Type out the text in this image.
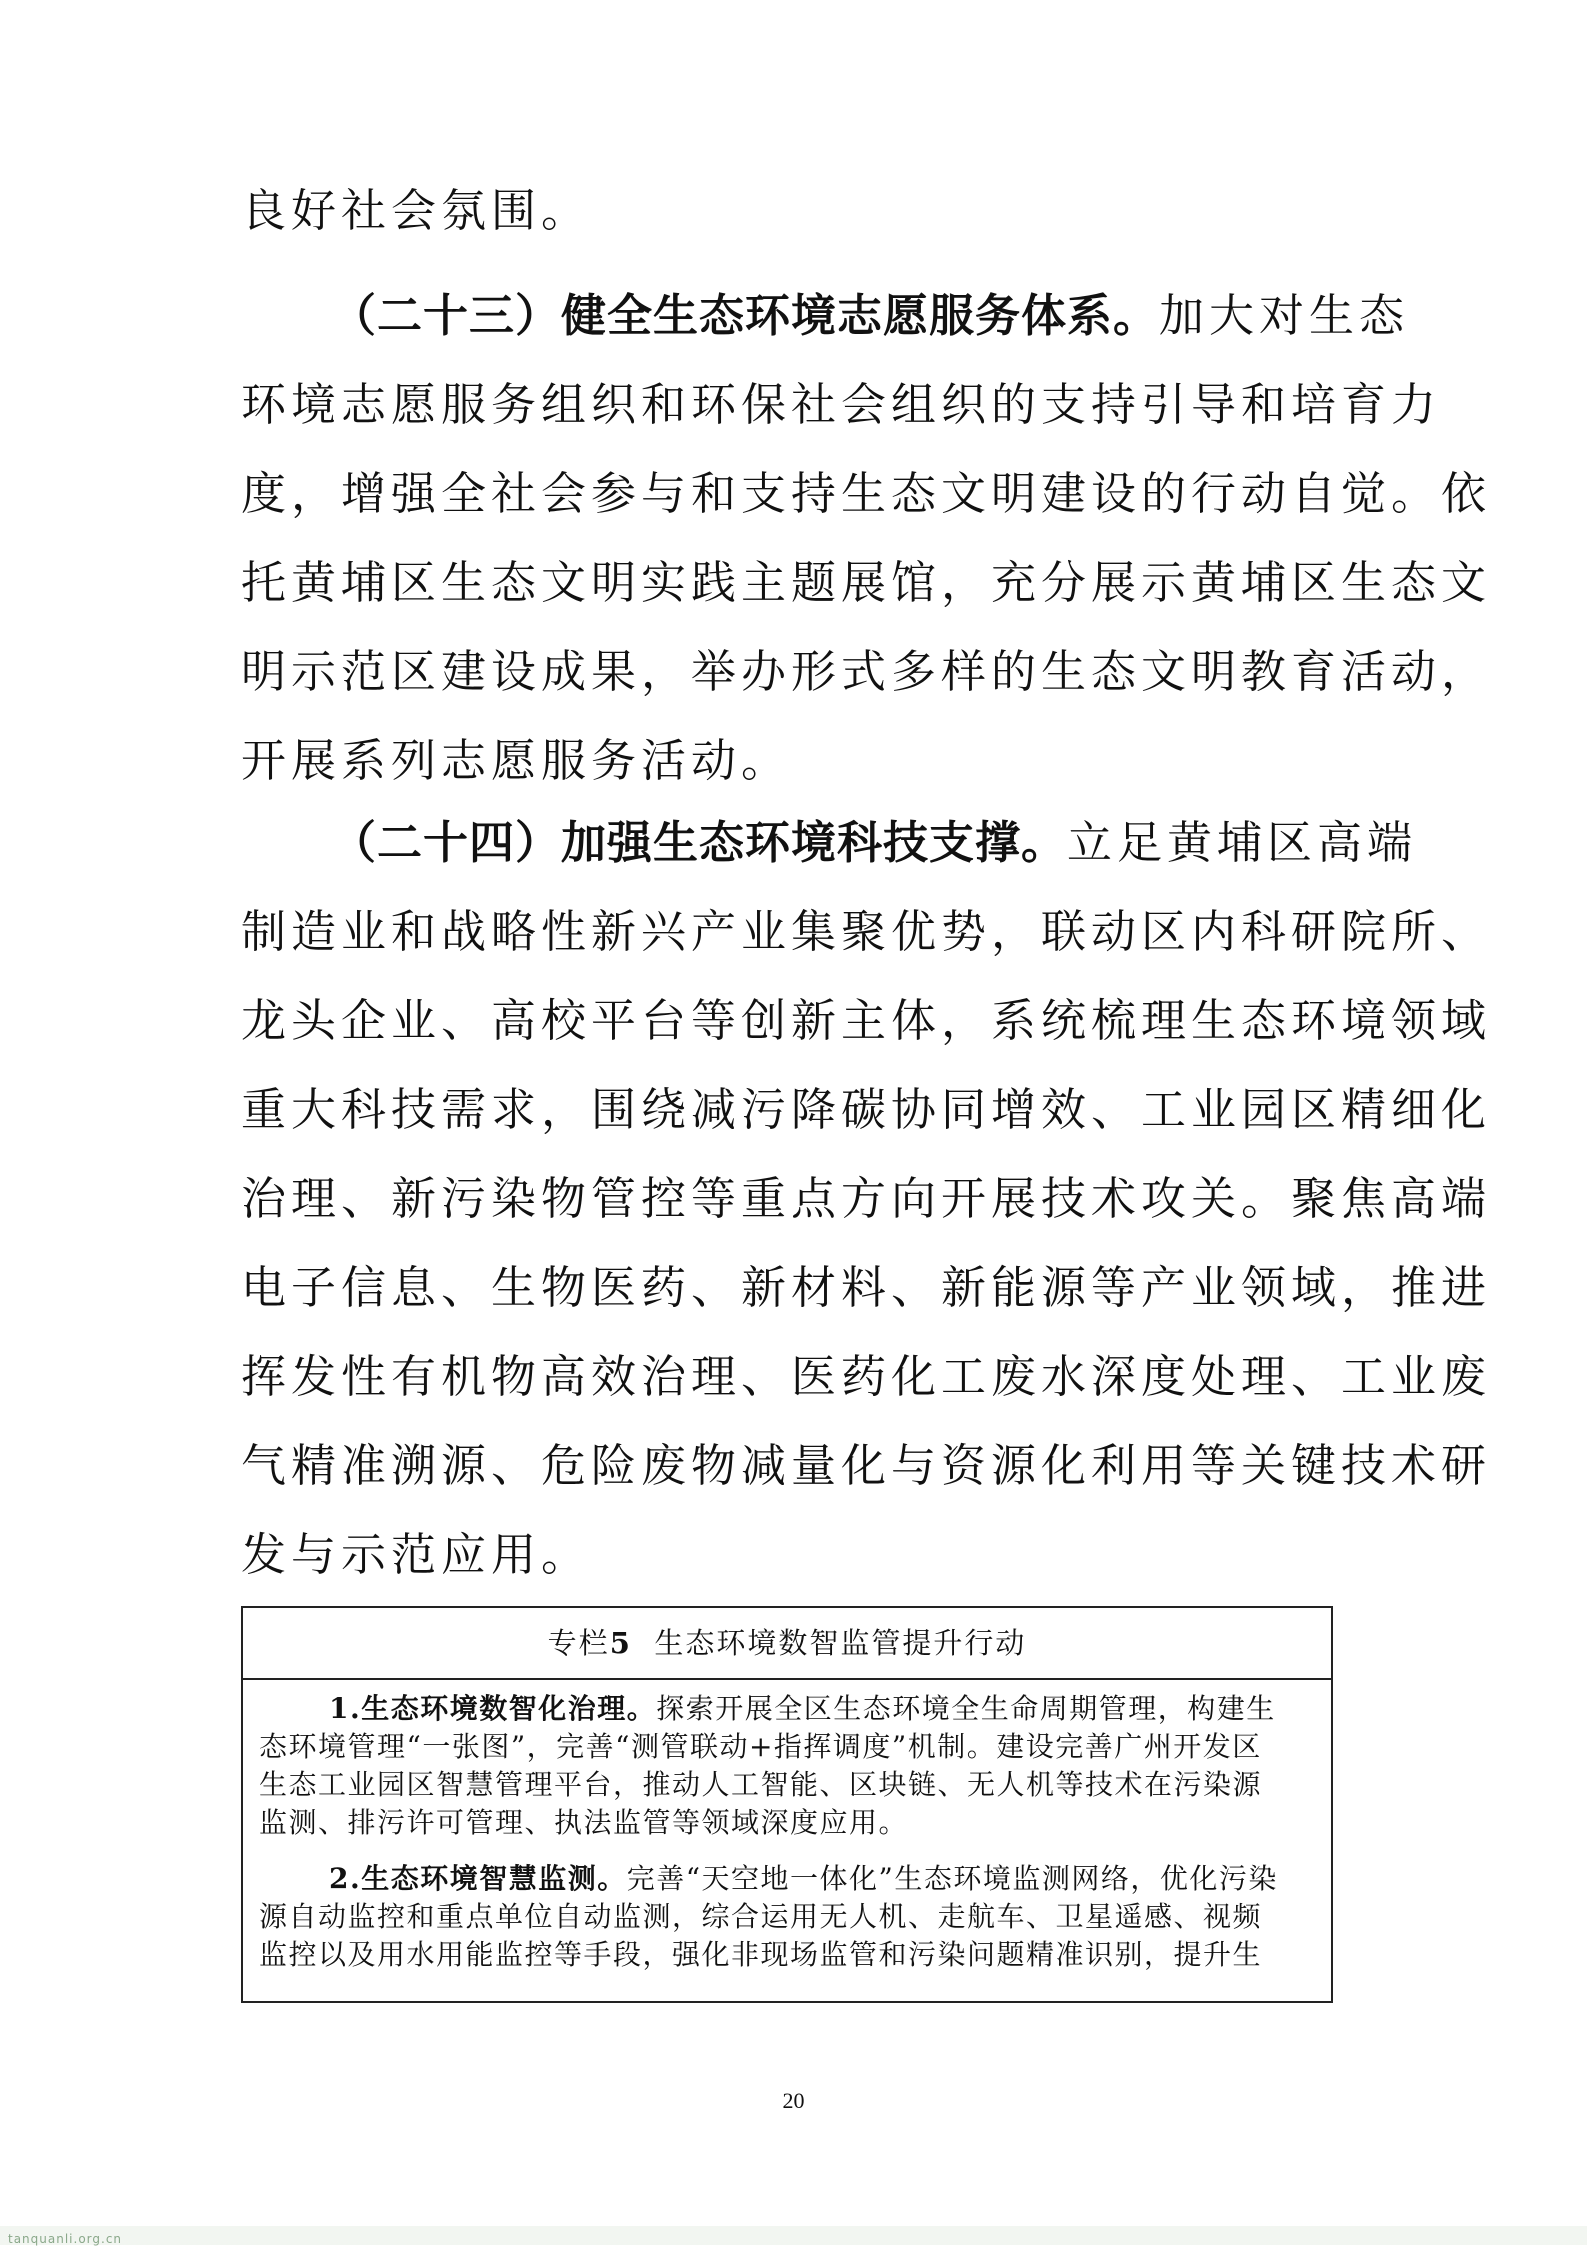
良好社会氛围。
（二十三）健全生态环境志愿服务体系。加大对生态
环境志愿服务组织和环保社会组织的支持引导和培育力
度，增强全社会参与和支持生态文明建设的行动自觉。依
托黄埔区生态文明实践主题展馆，充分展示黄埔区生态文
明示范区建设成果，举办形式多样的生态文明教育活动，
开展系列志愿服务活动。
（二十四）加强生态环境科技支撑。立足黄埔区高端
制造业和战略性新兴产业集聚优势，联动区内科研院所、
龙头企业、高校平台等创新主体，系统梳理生态环境领域
重大科技需求，围绕减污降碳协同增效、工业园区精细化
治理、新污染物管控等重点方向开展技术攻关。聚焦高端
电子信息、生物医药、新材料、新能源等产业领域，推进
挥发性有机物高效治理、医药化工废水深度处理、工业废
气精准溯源、危险废物减量化与资源化利用等关键技术研
发与示范应用。
专栏5 生态环境数智监管提升行动
1.生态环境数智化治理。探索开展全区生态环境全生命周期管理，构建生
态环境管理“一张图”，完善“测管联动+指挥调度”机制。建设完善广州开发区
生态工业园区智慧管理平台，推动人工智能、区块链、无人机等技术在污染源
监测、排污许可管理、执法监管等领域深度应用。
2.生态环境智慧监测。完善“天空地一体化”生态环境监测网络，优化污染
源自动监控和重点单位自动监测，综合运用无人机、走航车、卫星遥感、视频
监控以及用水用能监控等手段，强化非现场监管和污染问题精准识别，提升生
20
tanquanli.org.cn
